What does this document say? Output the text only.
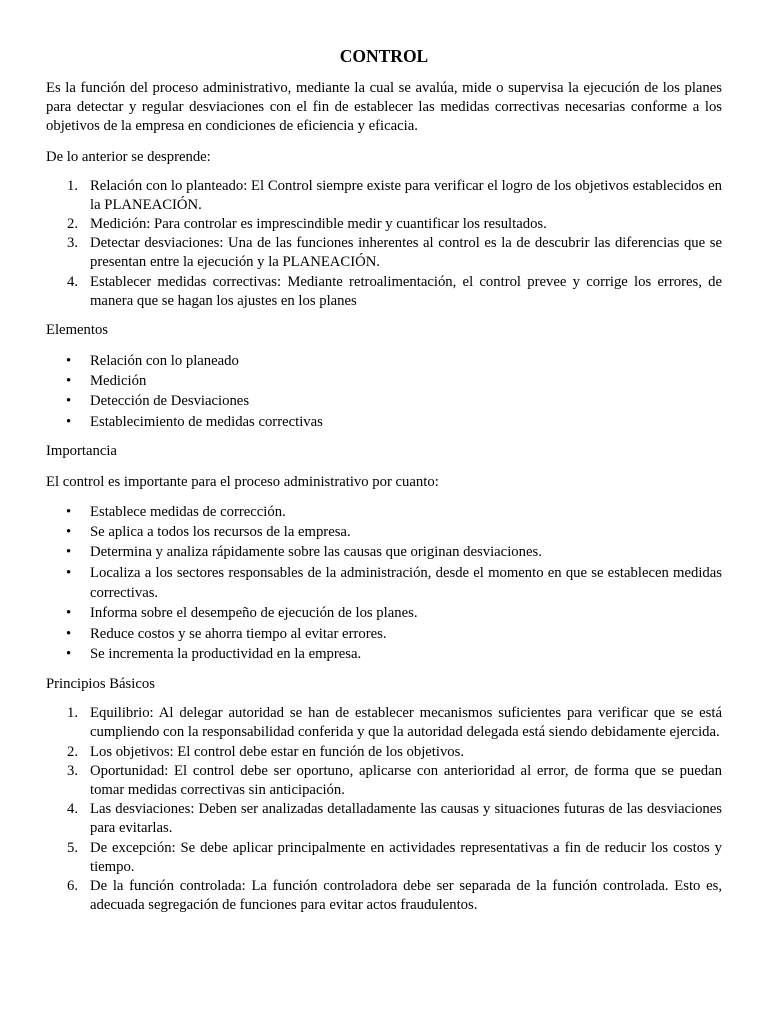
CONTROL

Es la función del proceso administrativo, mediante la cual se avalúa, mide o supervisa la ejecución de los planes para detectar y regular desviaciones con el fin de establecer las medidas correctivas necesarias conforme a los objetivos de la empresa en condiciones de eficiencia y eficacia.

De lo anterior se desprende:

1. Relación con lo planteado: El Control siempre existe para verificar el logro de los objetivos establecidos en la PLANEACIÓN.
2. Medición: Para controlar es imprescindible medir y cuantificar los resultados.
3. Detectar desviaciones: Una de las funciones inherentes al control es la de descubrir las diferencias que se presentan entre la ejecución y la PLANEACIÓN.
4. Establecer medidas correctivas: Mediante retroalimentación, el control prevee y corrige los errores, de manera que se hagan los ajustes en los planes
Elementos
•
Relación con lo planeado
•
Medición
•
Detección de Desviaciones
•
Establecimiento de medidas correctivas
Importancia

El control es importante para el proceso administrativo por cuanto:

•
Establece medidas de corrección.
•
Se aplica a todos los recursos de la empresa.
•
Determina y analiza rápidamente sobre las causas que originan desviaciones.
•
Localiza a los sectores responsables de la administración, desde el momento en que se establecen medidas correctivas.
•
Informa sobre el desempeño de ejecución de los planes.
•
Reduce costos y se ahorra tiempo al evitar errores.
•
Se incrementa la productividad en la empresa.
Principios Básicos
1. Equilibrio: Al delegar autoridad se han de establecer mecanismos suficientes para verificar que se está cumpliendo con la responsabilidad conferida y que la autoridad delegada está siendo debidamente ejercida.
2. Los objetivos: El control debe estar en función de los objetivos.
3. Oportunidad: El control debe ser oportuno, aplicarse con anterioridad al error, de forma que se puedan tomar medidas correctivas sin anticipación.
4. Las desviaciones: Deben ser analizadas detalladamente las causas y situaciones futuras de las desviaciones para evitarlas.
5. De excepción: Se debe aplicar principalmente en actividades representativas a fin de reducir los costos y tiempo.
6. De la función controlada: La función controladora debe ser separada de la función controlada. Esto es, adecuada segregación de funciones para evitar actos fraudulentos.
